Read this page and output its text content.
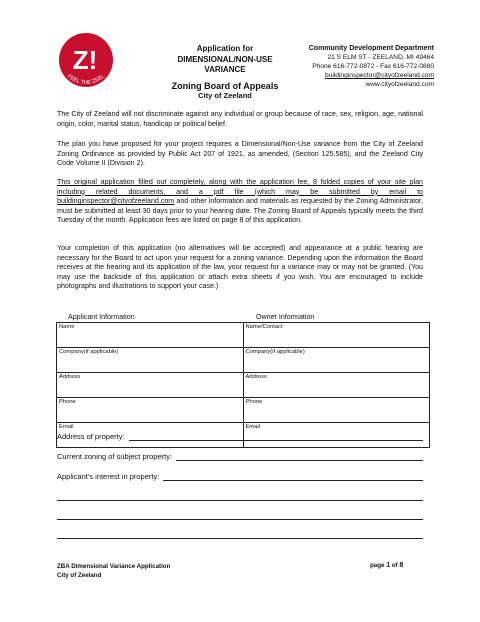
Z!
FEEL THE ZEEL
Application for
DIMENSIONAL/NON-USE
VARIANCE
Zoning Board of Appeals
City of Zeeland
Community Development Department
21 S ELM ST - ZEELAND, MI 49464
Phone 616-772-0872 - Fax 616-772-0880
buildinginspector@cityofzeeland.com
www.cityofzeeland.com

The City of Zeeland will not discriminate against any individual or group because of race, sex, religion, age, national origin, color, marital status, handicap or political belief.

The plan you have proposed for your project requires a Dimensional/Non-Use variance from the City of Zeeland Zoning Ordinance as provided by Public Act 207 of 1921, as amended, (Section 125.585), and the Zeeland City Code Volume II (Division 2).

This original application filled out completely, along with the application fee, 8 folded copies of your site plan including related documents, and a pdf file (which may be submitted by email to buildinginspector@cityofzeeland.com and other information and materials as requested by the Zoning Administrator, must be submitted at least 30 days prior to your hearing date. The Zoning Board of Appeals typically meets the third Tuesday of the month. Application fees are listed on page 8 of this application.

Your completion of this application (no alternatives will be accepted) and appearance at a public hearing are necessary for the Board to act upon your request for a zoning variance. Depending upon the information the Board receives at the hearing and its application of the law, your request for a variance may or may not be granted. (You may use the backside of this application or attach extra sheets if you wish. You are encouraged to include photographs and illustrations to support your case.)

Applicant Information	Owner Information
Name	Name/Contact
Company(if applicable)	Company(if applicable)
Address	Address
Phone	Phone
Email	Email
Address of property:
Current zoning of subject property:
Applicant's interest in property:
ZBA Dimensional Variance Application
City of Zeeland
page 1 of 8
